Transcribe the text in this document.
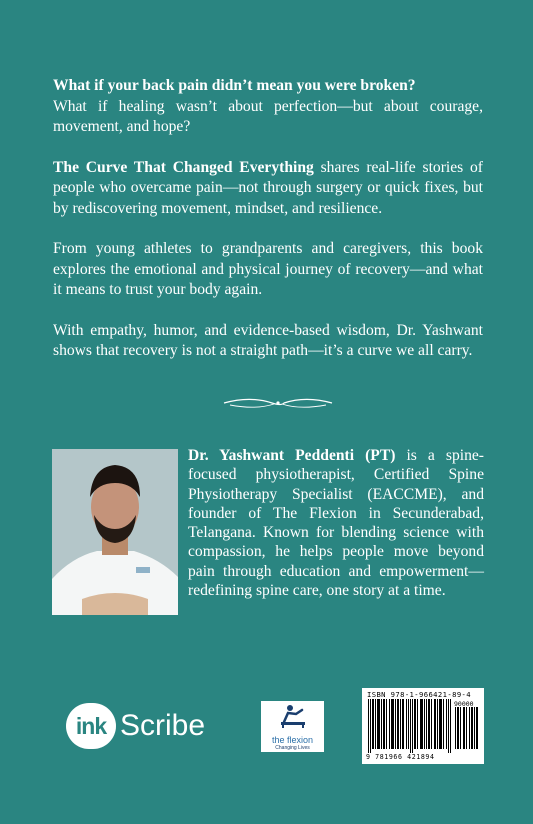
What if your back pain didn’t mean you were broken?
What if healing wasn’t about perfection—but about courage, movement, and hope?

The Curve That Changed Everything shares real-life stories of people who overcame pain—not through surgery or quick fixes, but by rediscovering movement, mindset, and resilience.

From young athletes to grandparents and caregivers, this book explores the emotional and physical journey of recovery—and what it means to trust your body again.

With empathy, humor, and evidence-based wisdom, Dr. Yashwant shows that recovery is not a straight path—it’s a curve we all carry.

Dr. Yashwant Peddenti (PT) is a spine-focused physiotherapist, Certified Spine Physiotherapy Specialist (EACCME), and founder of The Flexion in Secunderabad, Telangana. Known for blending science with compassion, he helps people move beyond pain through education and empowerment—redefining spine care, one story at a time.
ink Scribe	the flexion
Changing Lives
ISBN 978-1-966421-89-4
90000
9 781966 421894
